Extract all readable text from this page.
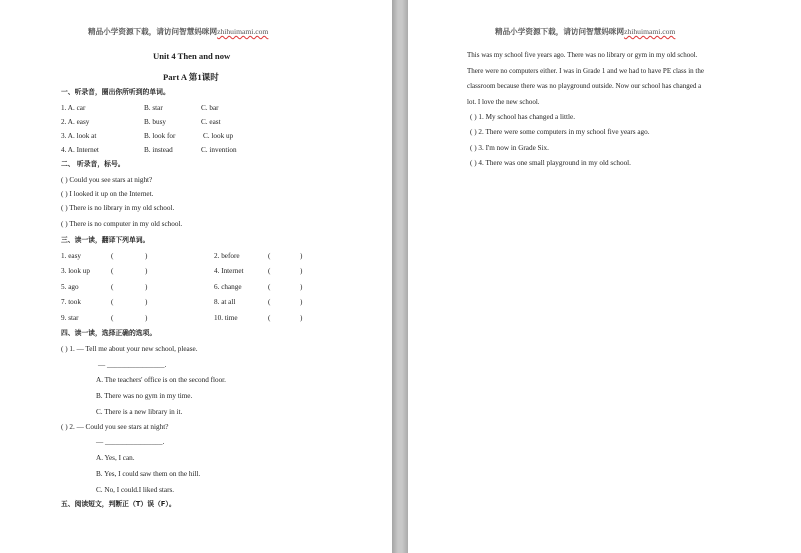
精品小学资源下载，请访问智慧妈咪网zhihuimami.com
Unit 4 Then and now
Part A 第1课时
一、听录音，圈出你所听到的单词。
1. A. car	B. star	C. bar
2. A. easy	B. busy	C. east
3. A. look at	B. look for	C. look up
4. A. Internet	B. instead	C. invention
二、 听录音，标号。
( ) Could you see stars at night?
( ) I looked it up on the Internet.
( ) There is no library in my old school.
( ) There is no computer in my old school.
三、读一读，翻译下列单词。
1. easy	(	)	2. before	(	)
3. look up	(	)	4. Internet	(	)
5. ago	(	)	6. change	(	)
7. took	(	)	8. at all	(	)
9. star	(	)	10. time	(	)
四、读一读，选择正确的选项。
( ) 1. — Tell me about your new school, please.
— ________________.
A. The teachers' office is on the second floor.
B. There was no gym in my time.
C. There is a new library in it.
( ) 2. — Could you see stars at night?
— ________________.
A. Yes, I can.
B. Yes, I could saw them on the hill.
C. No, I could.I liked stars.
五、阅读短文，判断正（T）误（F）。
精品小学资源下载，请访问智慧妈咪网zhihuimami.com
This was my school five years ago. There was no library or gym in my old school.
There were no computers either. I was in Grade 1 and we had to have PE class in the
classroom because there was no playground outside. Now our school has changed a
lot. I love the new school.
( ) 1. My school has changed a little.
( ) 2. There were some computers in my school five years ago.
( ) 3. I'm now in Grade Six.
( ) 4. There was one small playground in my old school.
